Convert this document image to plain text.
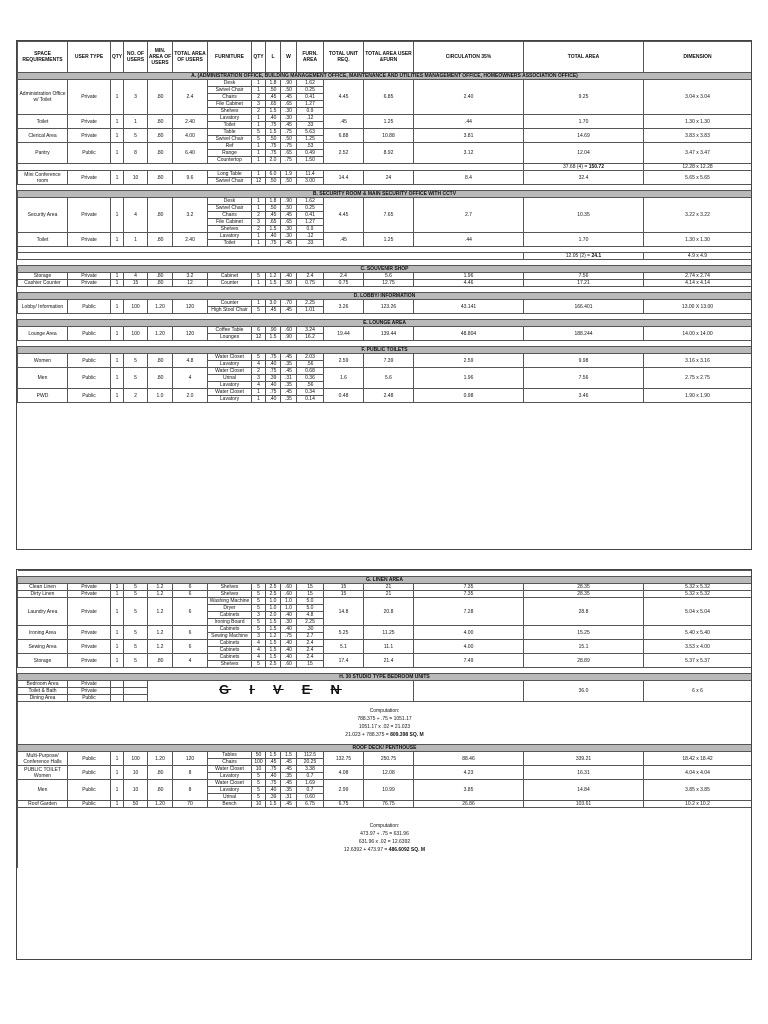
SPACE REQUIREMENTS	USER TYPE	QTY	NO. OF USERS	MIN. AREA OF USERS	TOTAL AREA OF USERS	FURNITURE	QTY	L	W	FURN. AREA	TOTAL UNIT REQ.	TOTAL AREA USER &FURN	CIRCULATION 35%	TOTAL AREA	DIMENSION
A. (ADMINISTRATION OFFICE, BUILDING MANAGEMENT OFFICE, MAINTENANCE AND UTILITIES MANAGEMENT OFFICE, HOMEOWNERS ASSOCIATION OFFICE)															
Administration Office w/ Toilet	Private	1	3	.80	2.4	Desk	1	1.8	.90	1.62	4.45	6.85	2.40	9.25	3.04 x 3.04
						Swivel Chair	1	.50	.50	0.25					
						Chairs	2	.45	.45	0.41					
						File Cabinet	3	.65	.65	1.27					
						Shelves	2	1.5	.30	0.9					
Toilet	Private	1	1	.80	2.40	Lavatory	1	.40	.30	.12	.45	1.25	.44	1.70	1.30 x 1.30
						Toilet	1	.75	.45	.33					
Clerical Area	Private	1	5	.80	4.00	Table	5	1.5	.75	5.63	6.88	10.88	3.81	14.69	3.83 x 3.83
						Swivel Chair	5	.50	.50	1.25					
Pantry	Public	1	8	.80	6.40	Ref	1	.75	.75	.53	2.52	8.92	3.12	12.04	3.47 x 3.47
						Range	1	.75	.65	0.49					
						Countertop	1	2.0	.75	1.50					
														37.68 (4) = 150.72	12.28 x 12.28
Mini Conference room	Private	1	10	.80	9.6	Long Table	1	6.0	1.9	11.4	14.4	24	8.4	32.4	5.65 x 5.65
						Swivel Chair	12	.50	.50	3.00					

B. SECURITY ROOM & MAIN SECURITY OFFICE WITH CCTV															
Security Area	Private	1	4	.80	3.2	Desk	1	1.8	.90	1.62	4.45	7.65	2.7	10.35	3.22 x 3.22
						Swivel Chair	1	.50	.50	0.25					
						Chairs	2	.45	.45	0.41					
						File Cabinet	3	.65	.65	1.27					
						Shelves	2	1.5	.30	0.9					
Toilet	Private	1	1	.80	2.40	Lavatory	1	.40	.30	.12	.45	1.25	.44	1.70	1.30 x 1.30
						Toilet	1	.75	.45	.33					

														12.05 (2) = 24.1	4.9 x 4.9

C. SOUVENIR SHOP															
Storage	Private	1	4	.80	3.2	Cabinet	5	1.2	.40	2.4	2.4	5.6	1.96	7.56	2.74 x 2.74
Cashier Counter	Private	1	15	.80	12	Counter	1	1.5	.50	0.75	0.75	12.75	4.46	17.21	4.14 x 4.14

D. LOBBY/ INFORMATION															
Lobby/ Information	Public	1	100	1.20	120	Counter	1	3.0	.70	2.25	3.26	123.26	43.141	166.401	13.00 X 13.00
						High Stool Chair	5	.45	.45	1.01					

E. LOUNGE AREA															
Lounge Area	Public	1	100	1.20	120	Coffee Table	6	.90	.60	3.24	19.44	139.44	48.804	188.244	14.00 x 14.00
						Lounges	12	1.5	.90	16.2					

F. PUBLIC TOILETS															
Women	Public	1	5	.80	4.8	Water Closet	5	.75	.45	2.03	2.59	7.39	2.59	9.98	3.16 x 3.16
						Lavatory	4	.40	.35	.56					
Men	Public	1	5	.80	4	Water Closet	2	.75	.45	0.68	1.6	5.6	1.96	7.56	2.75 x 2.75
						Urinal	3	.39	.31	0.36					
						Lavatory	4	.40	.35	.56					
PWD	Public	1	2	1.0	2.0	Water Closet	1	.75	.45	0.34	0.48	2.48	0.98	3.46	1.90 x 1.90
						Lavatory	1	.40	.35	0.14					

G. LINEN AREA															
Clean Linen	Private	1	5	1.2	6	Shelves	5	2.5	.60	15	15	21	7.35	28.35	5.32 x 5.32
Dirty Linen	Private	1	5	1.2	6	Shelves	5	2.5	.60	15	15	21	7.35	28.35	5.32 x 5.32
Laundry Area	Private	1	5	1.2	6	Washing Machine	5	1.0	1.0	5.0	14.8	20.8	7.28	28.8	5.04 x 5.04
						Dryer	5	1.0	1.0	5.0					
						Cabinets	3	2.0	.40	4.8					
						Ironing Board	5	1.5	.30	2.25					
Ironing Area	Private	1	5	1.2	6	Cabinets	5	1.5	.40	.30	5.25	11.25	4.00	15.25	5.40 x 5.40
						Sewing Machine	3	1.2	.75	2.7					
Sewing Area	Private	1	5	1.2	6	Cabinets	4	1.5	.40	2.4	5.1	11.1	4.00	15.1	3.53 x 4.00
						Cabinets	4	1.5	.40	2.4					
Storage	Private	1	5	.80	4	Cabinets	4	1.5	.40	2.4	17.4	21.4	7.49	28.89	5.37 x 5.37
						Shelves	5	2.5	.60	15					

H. 30 STUDIO TYPE BEDROOM UNITS															
Bedroom Area	Private			G I V E N										36.0	6 x 6
Toilet & Bath	Private														
Dining Area	Public														

Computation:
788.375 ÷ .75 = 1051.17
1051.17 x .02 = 21.023
21.023 + 788.375 = 809.398 SQ. M															

ROOF DECK/ PENTHOUSE															
Multi-Purpose/ Conference Halls	Public	1	100	1.20	120	Tables	50	1.5	1.5	112.5	132.75	250.75	88.46	339.21	18.42 x 18.42
						Chairs	100	.45	.45	20.25					
PUBLIC TOILET Women	Public	1	10	.80	8	Water Closet	10	.75	.45	3.38	4.08	12.08	4.23	16.31	4.04 x 4.04
						Lavatory	5	.40	.35	0.7					
Men	Public	1	10	.80	8	Water Closet	5	.75	.45	1.69	2.99	10.99	3.85	14.84	3.85 x 3.85
						Lavatory	5	.40	.35	0.7					
						Urinal	5	.39	.31	0.60					
Roof Garden	Public	1	50	1.20	70	Bench	10	1.5	.45	6.75	6.75	76.75	26.86	103.61	10.2 x 10.2

Computation:
473.97 ÷ .75 = 631.96
631.96 x .02 = 12.6392
12.6392 + 473.97 = 486.6092 SQ. M															
